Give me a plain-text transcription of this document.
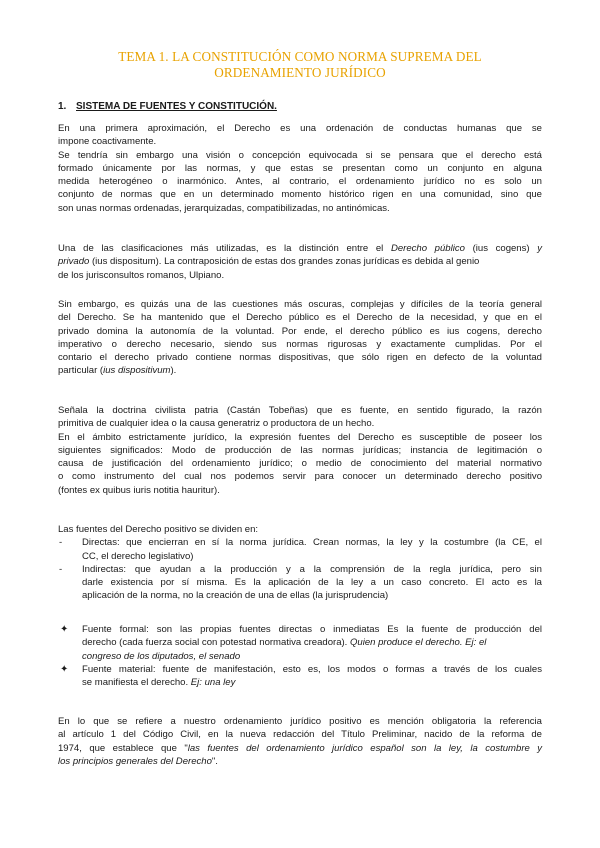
TEMA 1. LA CONSTITUCIÓN COMO NORMA SUPREMA DEL
ORDENAMIENTO JURÍDICO
1. SISTEMA DE FUENTES Y CONSTITUCIÓN.
En una primera aproximación, el Derecho es una ordenación de conductas humanas que se
impone coactivamente.
Se tendría sin embargo una visión o concepción equivocada si se pensara que el derecho está
formado únicamente por las normas, y que estas se presentan como un conjunto en alguna
medida heterogéneo o inarmónico. Antes, al contrario, el ordenamiento jurídico no es solo un
conjunto de normas que en un determinado momento histórico rigen en una comunidad, sino que
son unas normas ordenadas, jerarquizadas, compatibilizadas, no antinómicas.
Una de las clasificaciones más utilizadas, es la distinción entre el Derecho público (ius cogens) y
privado (ius dispositum). La contraposición de estas dos grandes zonas jurídicas es debida al genio
de los jurisconsultos romanos, Ulpiano.
Sin embargo, es quizás una de las cuestiones más oscuras, complejas y difíciles de la teoría general
del Derecho. Se ha mantenido que el Derecho público es el Derecho de la necesidad, y que en el
privado domina la autonomía de la voluntad. Por ende, el derecho público es ius cogens, derecho
imperativo o derecho necesario, siendo sus normas rigurosas y exactamente cumplidas. Por el
contario el derecho privado contiene normas dispositivas, que sólo rigen en defecto de la voluntad
particular (ius dispositivum).
Señala la doctrina civilista patria (Castán Tobeñas) que es fuente, en sentido figurado, la razón
primitiva de cualquier idea o la causa generatriz o productora de un hecho.
En el ámbito estrictamente jurídico, la expresión fuentes del Derecho es susceptible de poseer los
siguientes significados: Modo de producción de las normas jurídicas; instancia de legitimación o
causa de justificación del ordenamiento jurídico; o medio de conocimiento del material normativo
o como instrumento del cual nos podemos servir para conocer un determinado derecho positivo
(fontes ex quibus iuris notitia hauritur).
Las fuentes del Derecho positivo se dividen en:
- Directas: que encierran en sí la norma jurídica. Crean normas, la ley y la costumbre (la CE, el
CC, el derecho legislativo)
- Indirectas: que ayudan a la producción y a la comprensión de la regla jurídica, pero sin
darle existencia por sí misma. Es la aplicación de la ley a un caso concreto. El acto es la
aplicación de la norma, no la creación de una de ellas (la jurisprudencia)
✦ Fuente formal: son las propias fuentes directas o inmediatas Es la fuente de producción del
derecho (cada fuerza social con potestad normativa creadora). Quien produce el derecho. Ej: el
congreso de los diputados, el senado
✦ Fuente material: fuente de manifestación, esto es, los modos o formas a través de los cuales
se manifiesta el derecho. Ej: una ley
En lo que se refiere a nuestro ordenamiento jurídico positivo es mención obligatoria la referencia
al artículo 1 del Código Civil, en la nueva redacción del Título Preliminar, nacido de la reforma de
1974, que establece que "las fuentes del ordenamiento jurídico español son la ley, la costumbre y
los principios generales del Derecho".
